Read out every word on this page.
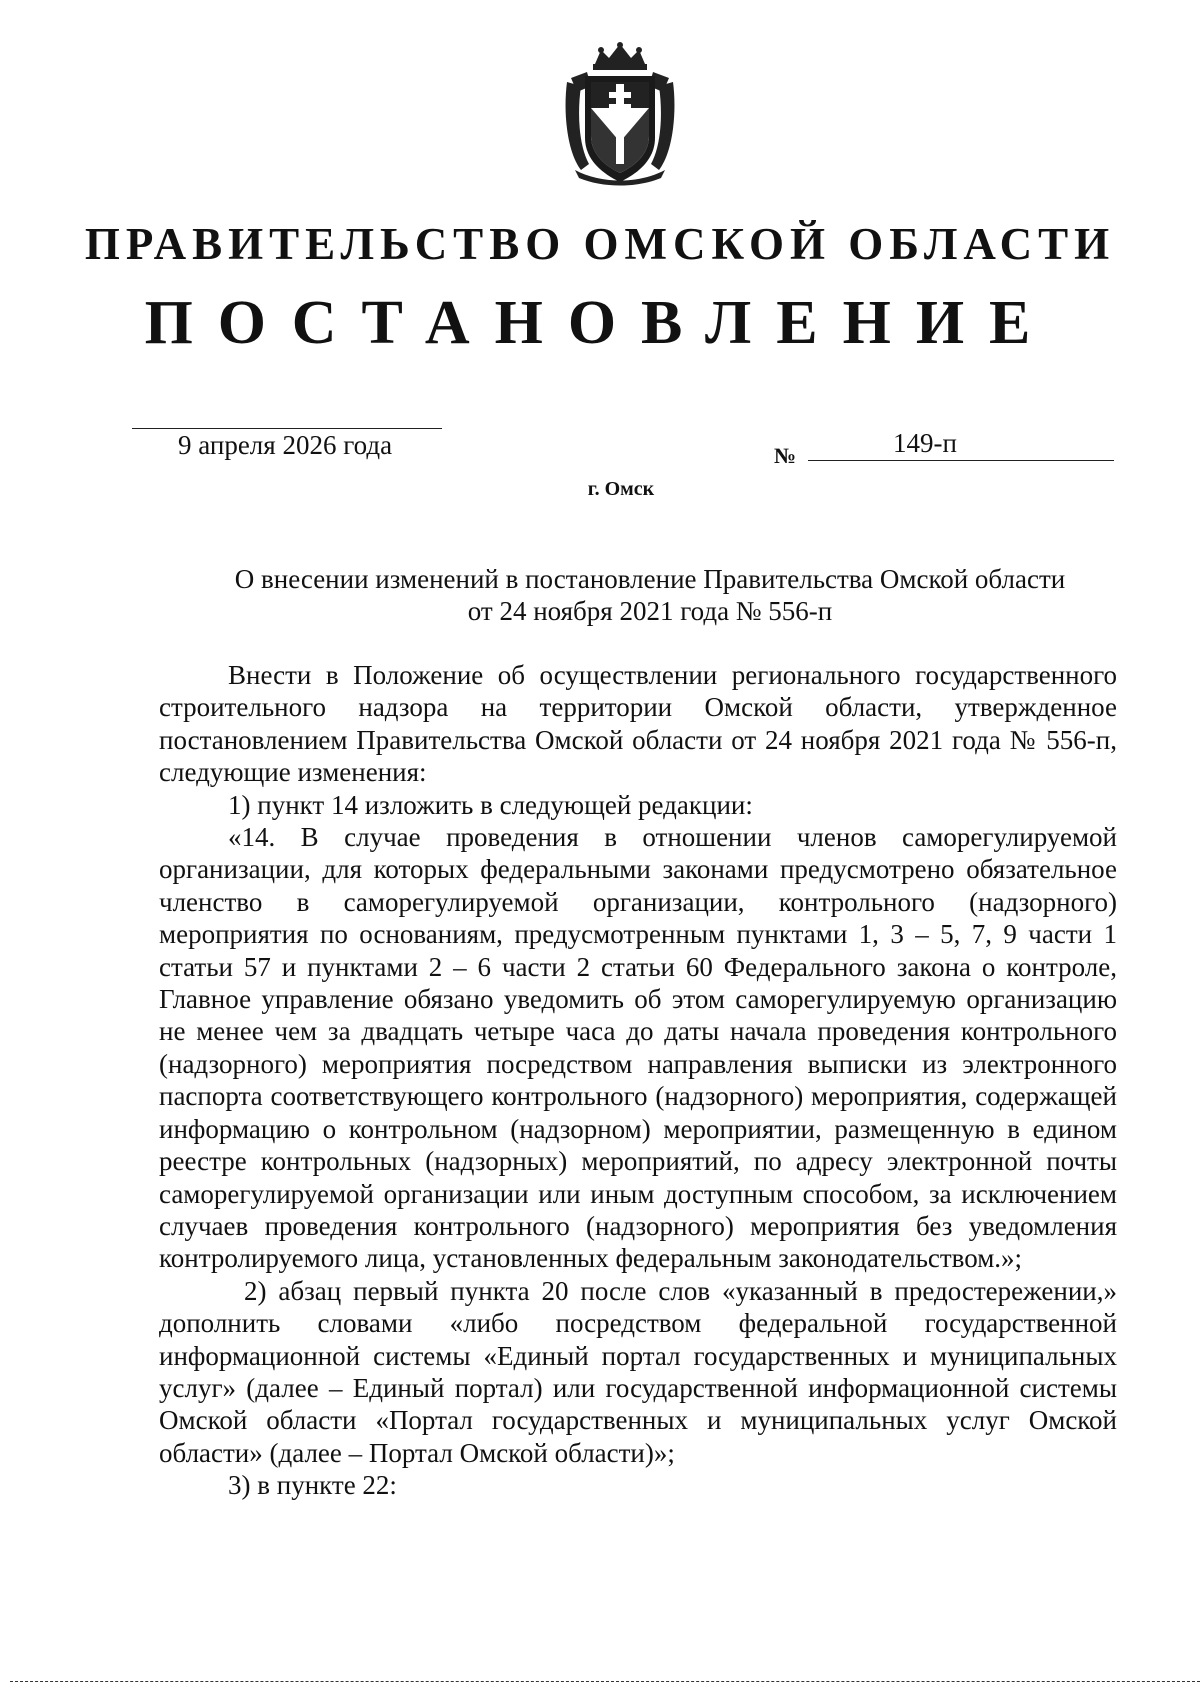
ПРАВИТЕЛЬСТВО ОМСКОЙ ОБЛАСТИ
ПОСТАНОВЛЕНИЕ
9 апреля 2026 года	№	149-п
г. Омск
О внесении изменений в постановление Правительства Омской области
от 24 ноября 2021 года № 556-п

Внести в Положение об осуществлении регионального государственного строительного надзора на территории Омской области, утвержденное постановлением Правительства Омской области от 24 ноября 2021 года № 556-п, следующие изменения:

1) пункт 14 изложить в следующей редакции:

«14. В случае проведения в отношении членов саморегулируемой организации, для которых федеральными законами предусмотрено обязательное членство в саморегулируемой организации, контрольного (надзорного) мероприятия по основаниям, предусмотренным пунктами 1, 3 – 5, 7, 9 части 1 статьи 57 и пунктами 2 – 6 части 2 статьи 60 Федерального закона о контроле, Главное управление обязано уведомить об этом саморегулируемую организацию не менее чем за двадцать четыре часа до даты начала проведения контрольного (надзорного) мероприятия посредством направления выписки из электронного паспорта соответствующего контрольного (надзорного) мероприятия, содержащей информацию о контрольном (надзорном) мероприятии, размещенную в едином реестре контрольных (надзорных) мероприятий, по адресу электронной почты саморегулируемой организации или иным доступным способом, за исключением случаев проведения контрольного (надзорного) мероприятия без уведомления контролируемого лица, установленных федеральным законодательством.»;

2) абзац первый пункта 20 после слов «указанный в предостережении,» дополнить словами «либо посредством федеральной государственной информационной системы «Единый портал государственных и муниципальных услуг» (далее – Единый портал) или государственной информационной системы Омской области «Портал государственных и муниципальных услуг Омской области» (далее – Портал Омской области)»;

3) в пункте 22:
